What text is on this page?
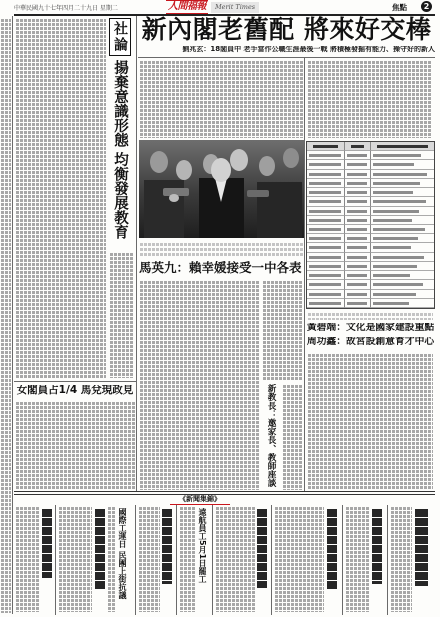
中華民國九十七年四月二十九日 星期二	人間福報	Merit Times	焦點	2
新內閣老舊配 將來好交棒
劉兆玄：18閣員中 老手當作公職生涯最後一戰 將積極發掘有能力、操守好的新人
社論
揚棄意識形態 均衡發展教育
女閣員占1/4 馬兌現政見
馬英九：賴幸媛接受一中各表
新教長：邀家長、教師座談
黃碧端：文化是國家建設重點
周功鑫：故宮設創意育才中心
《新聞集錦》
國際工運日 民團上街抗議	遠航員工5月1日罷工
